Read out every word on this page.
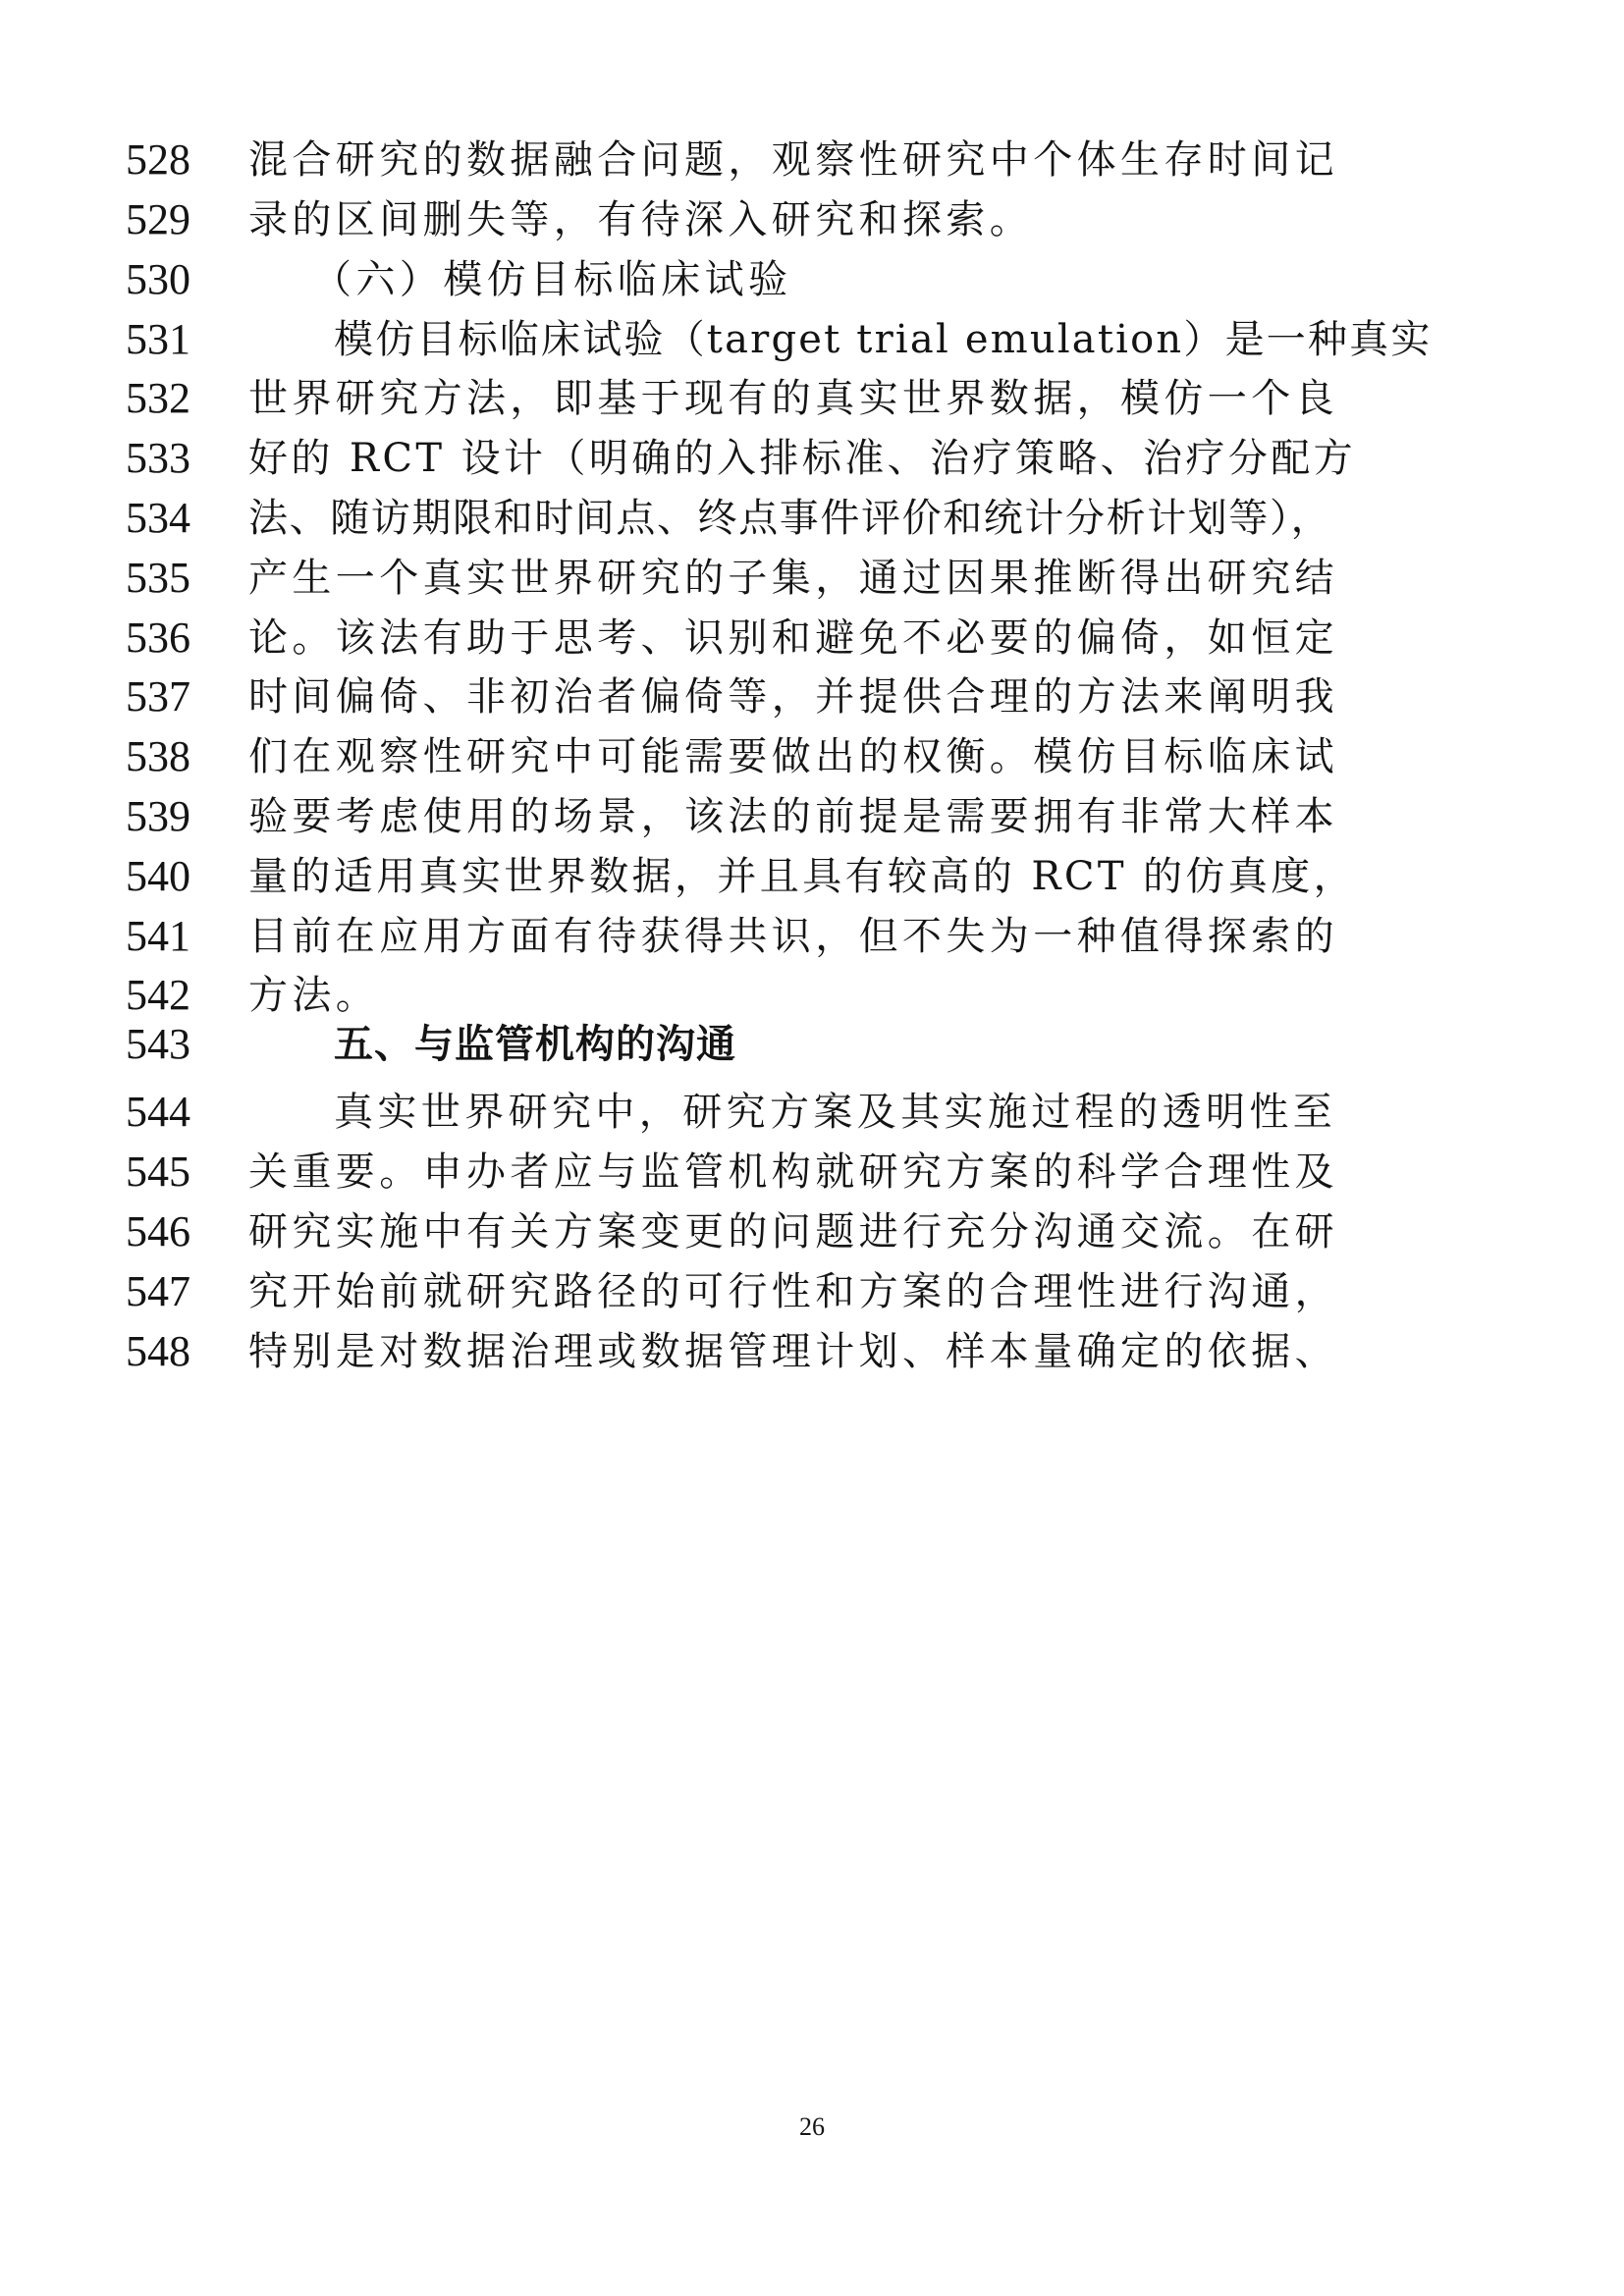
528	混合研究的数据融合问题，观察性研究中个体生存时间记
529	录的区间删失等，有待深入研究和探索。
530	（六）模仿目标临床试验
531	模仿目标临床试验（target trial emulation）是一种真实
532	世界研究方法，即基于现有的真实世界数据，模仿一个良
533	好的 RCT 设计（明确的入排标准、治疗策略、治疗分配方
534	法、随访期限和时间点、终点事件评价和统计分析计划等），
535	产生一个真实世界研究的子集，通过因果推断得出研究结
536	论。该法有助于思考、识别和避免不必要的偏倚，如恒定
537	时间偏倚、非初治者偏倚等，并提供合理的方法来阐明我
538	们在观察性研究中可能需要做出的权衡。模仿目标临床试
539	验要考虑使用的场景，该法的前提是需要拥有非常大样本
540	量的适用真实世界数据，并且具有较高的 RCT 的仿真度，
541	目前在应用方面有待获得共识，但不失为一种值得探索的
542	方法。
543	五、与监管机构的沟通
544	真实世界研究中，研究方案及其实施过程的透明性至
545	关重要。申办者应与监管机构就研究方案的科学合理性及
546	研究实施中有关方案变更的问题进行充分沟通交流。在研
547	究开始前就研究路径的可行性和方案的合理性进行沟通，
548	特别是对数据治理或数据管理计划、样本量确定的依据、
26
